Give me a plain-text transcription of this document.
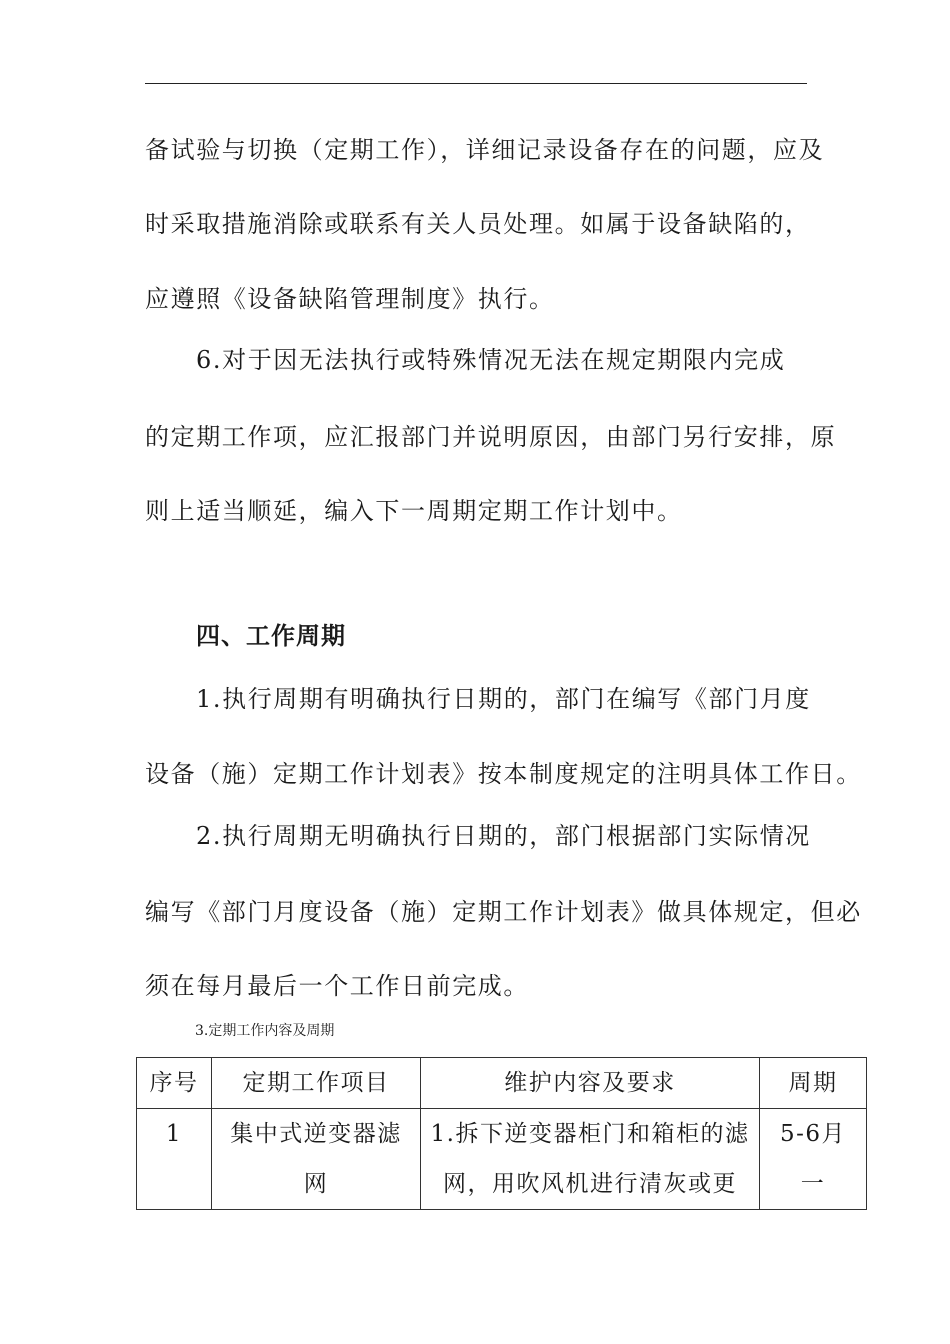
备试验与切换（定期工作），详细记录设备存在的问题，应及
时采取措施消除或联系有关人员处理。如属于设备缺陷的，
应遵照《设备缺陷管理制度》执行。
6.对于因无法执行或特殊情况无法在规定期限内完成
的定期工作项，应汇报部门并说明原因，由部门另行安排，原
则上适当顺延，编入下一周期定期工作计划中。
四、工作周期
1.执行周期有明确执行日期的，部门在编写《部门月度
设备（施）定期工作计划表》按本制度规定的注明具体工作日。
2.执行周期无明确执行日期的，部门根据部门实际情况
编写《部门月度设备（施）定期工作计划表》做具体规定，但必
须在每月最后一个工作日前完成。
3.定期工作内容及周期
序号	定期工作项目	维护内容及要求	周期
1	集中式逆变器滤网	1.拆下逆变器柜门和箱柜的滤网，用吹风机进行清灰或更	5-6月一
